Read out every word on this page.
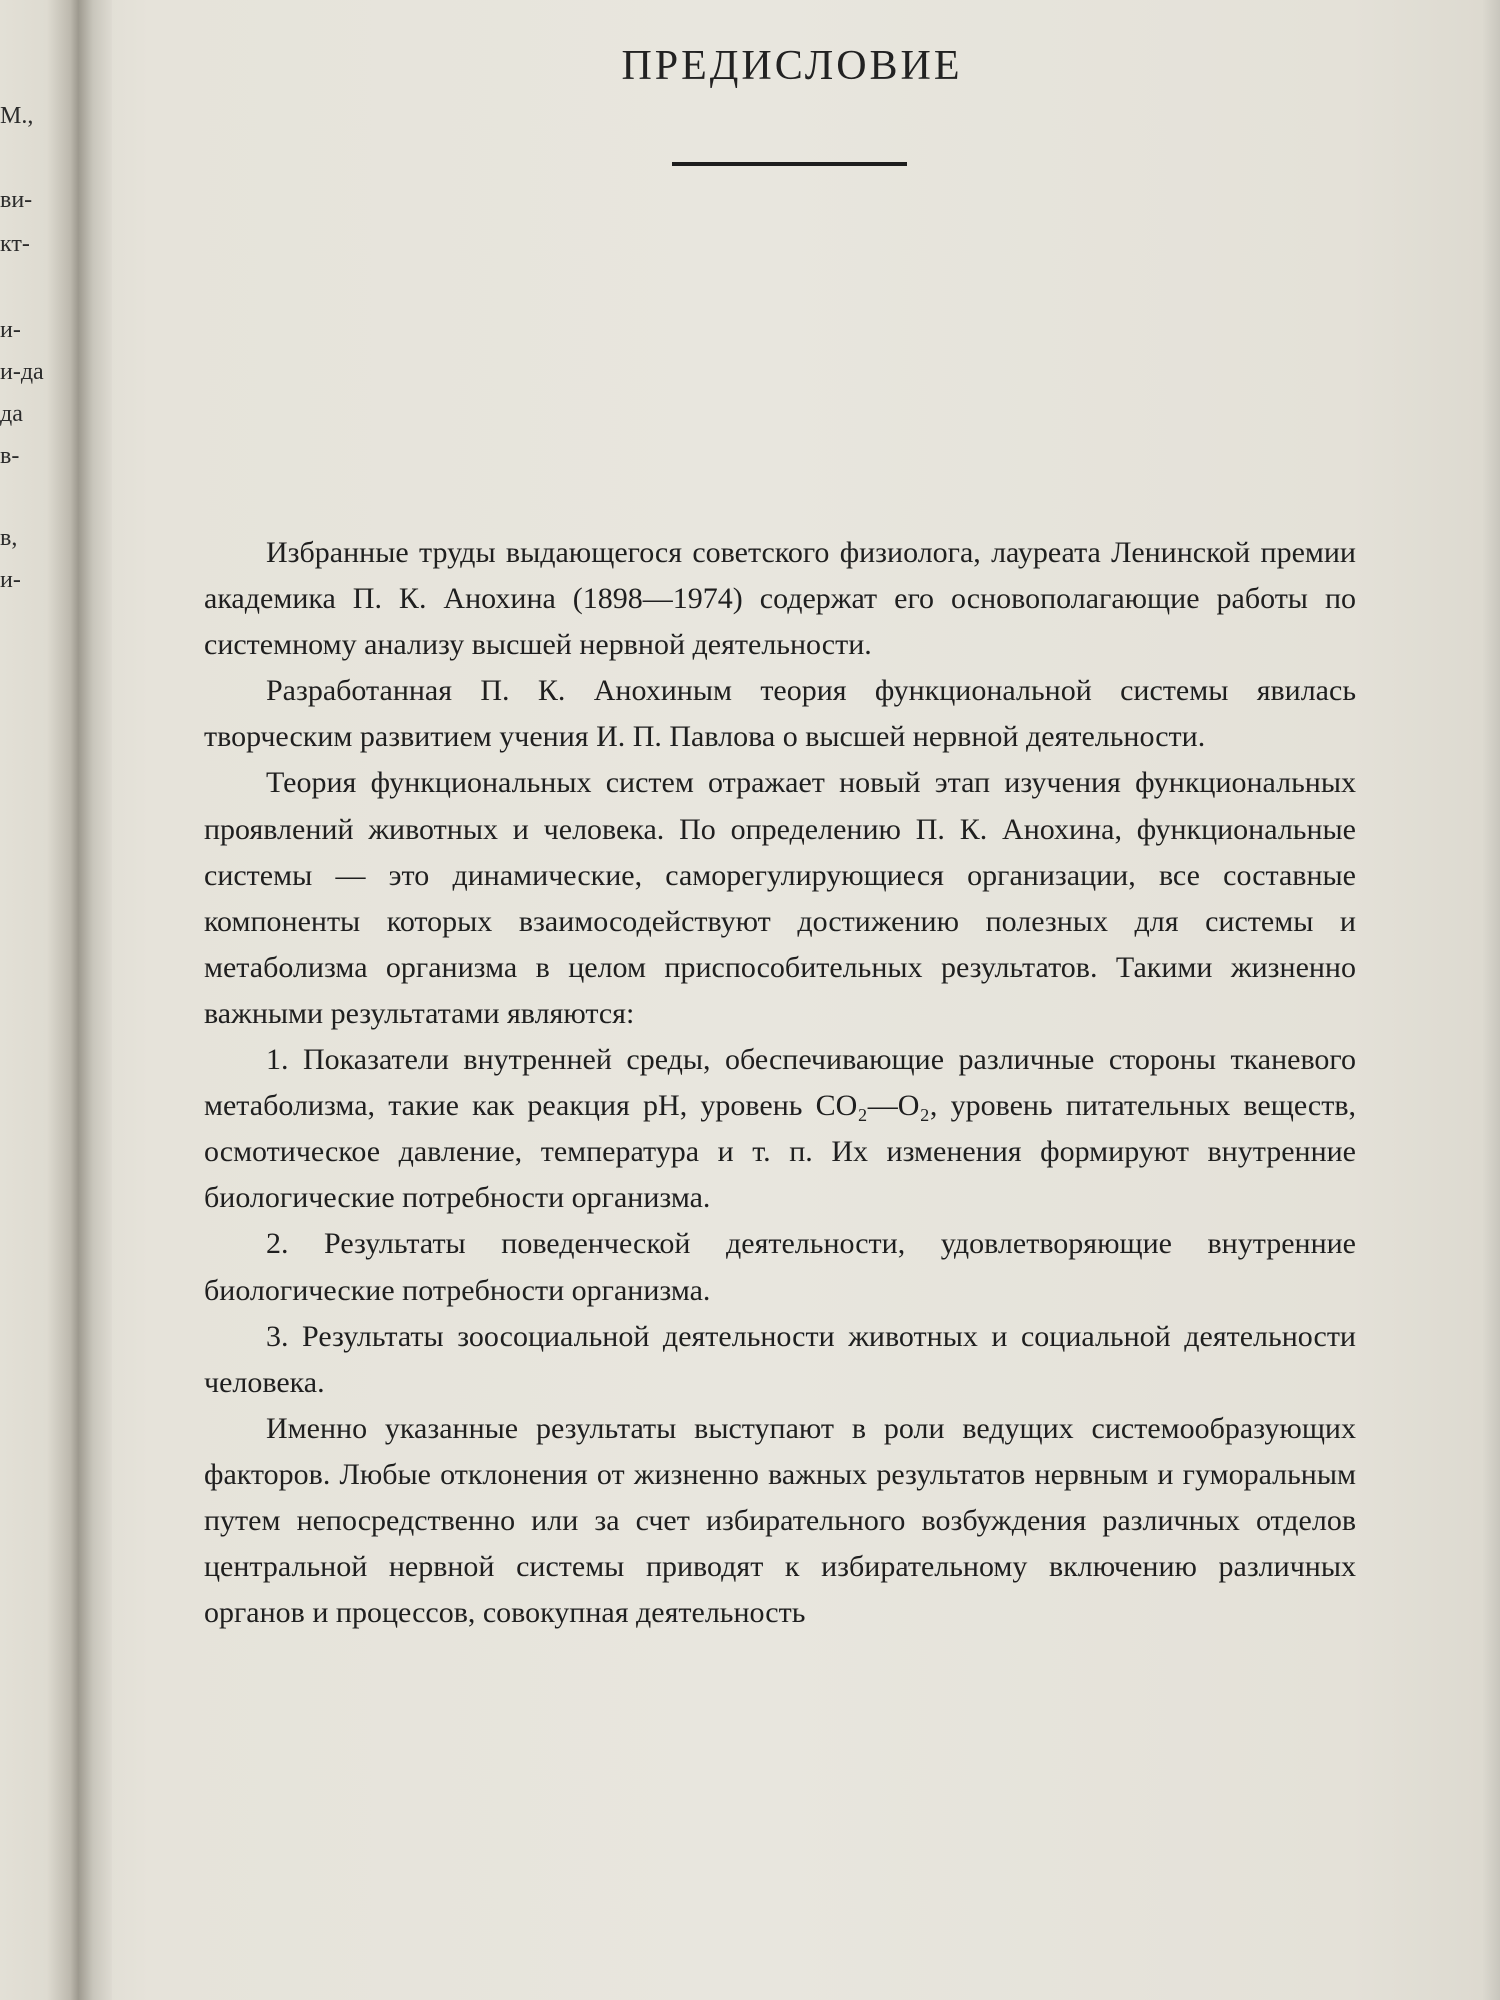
М.,
ви-
кт-
и-
и-да
да
в-
в,
и-
ПРЕДИСЛОВИЕ

Избранные труды выдающегося советского физиолога, лауреата Ленинской премии академика П. К. Анохина (1898—1974) содержат его основополагающие работы по системному анализу высшей нервной деятельности.

Разработанная П. К. Анохиным теория функциональной системы явилась творческим развитием учения И. П. Павлова о высшей нервной деятельности.

Теория функциональных систем отражает новый этап изучения функциональных проявлений животных и человека. По определению П. К. Анохина, функциональные системы — это динамические, саморегулирующиеся организации, все составные компоненты которых взаимосодействуют достижению полезных для системы и метаболизма организма в целом приспособительных результатов. Такими жизненно важными результатами являются:

1. Показатели внутренней среды, обеспечивающие различные стороны тканевого метаболизма, такие как реакция pH, уровень CO₂—O₂, уровень питательных веществ, осмотическое давление, температура и т. п. Их изменения формируют внутренние биологические потребности организма.

2. Результаты поведенческой деятельности, удовлетворяющие внутренние биологические потребности организма.

3. Результаты зоосоциальной деятельности животных и социальной деятельности человека.

Именно указанные результаты выступают в роли ведущих системообразующих факторов. Любые отклонения от жизненно важных результатов нервным и гуморальным путем непосредственно или за счет избирательного возбуждения различных отделов центральной нервной системы приводят к избирательному включению различных органов и процессов, совокупная деятельность
